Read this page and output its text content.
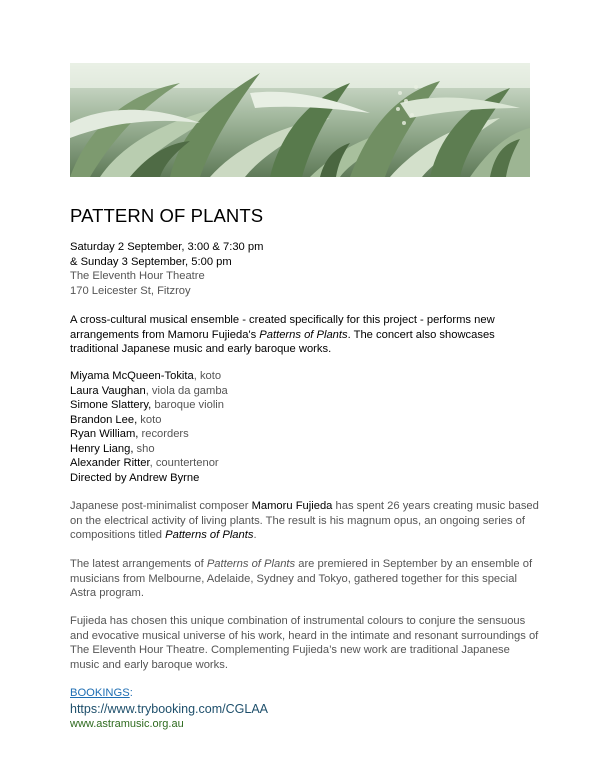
PATTERN OF PLANTS
Saturday 2 September, 3:00 & 7:30 pm
& Sunday 3 September, 5:00 pm
The Eleventh Hour Theatre
170 Leicester St, Fitzroy
A cross-cultural musical ensemble - created specifically for this project - performs new arrangements from Mamoru Fujieda's Patterns of Plants. The concert also showcases traditional Japanese music and early baroque works.
Miyama McQueen-Tokita, koto
Laura Vaughan, viola da gamba
Simone Slattery, baroque violin
Brandon Lee, koto
Ryan William, recorders
Henry Liang, sho
Alexander Ritter, countertenor
Directed by Andrew Byrne
Japanese post-minimalist composer Mamoru Fujieda has spent 26 years creating music based on the electrical activity of living plants. The result is his magnum opus, an ongoing series of compositions titled Patterns of Plants.
The latest arrangements of Patterns of Plants are premiered in September by an ensemble of musicians from Melbourne, Adelaide, Sydney and Tokyo, gathered together for this special Astra program.
Fujieda has chosen this unique combination of instrumental colours to conjure the sensuous and evocative musical universe of his work, heard in the intimate and resonant surroundings of The Eleventh Hour Theatre. Complementing Fujieda’s new work are traditional Japanese music and early baroque works.
BOOKINGS:
https://www.trybooking.com/CGLAA
www.astramusic.org.au
